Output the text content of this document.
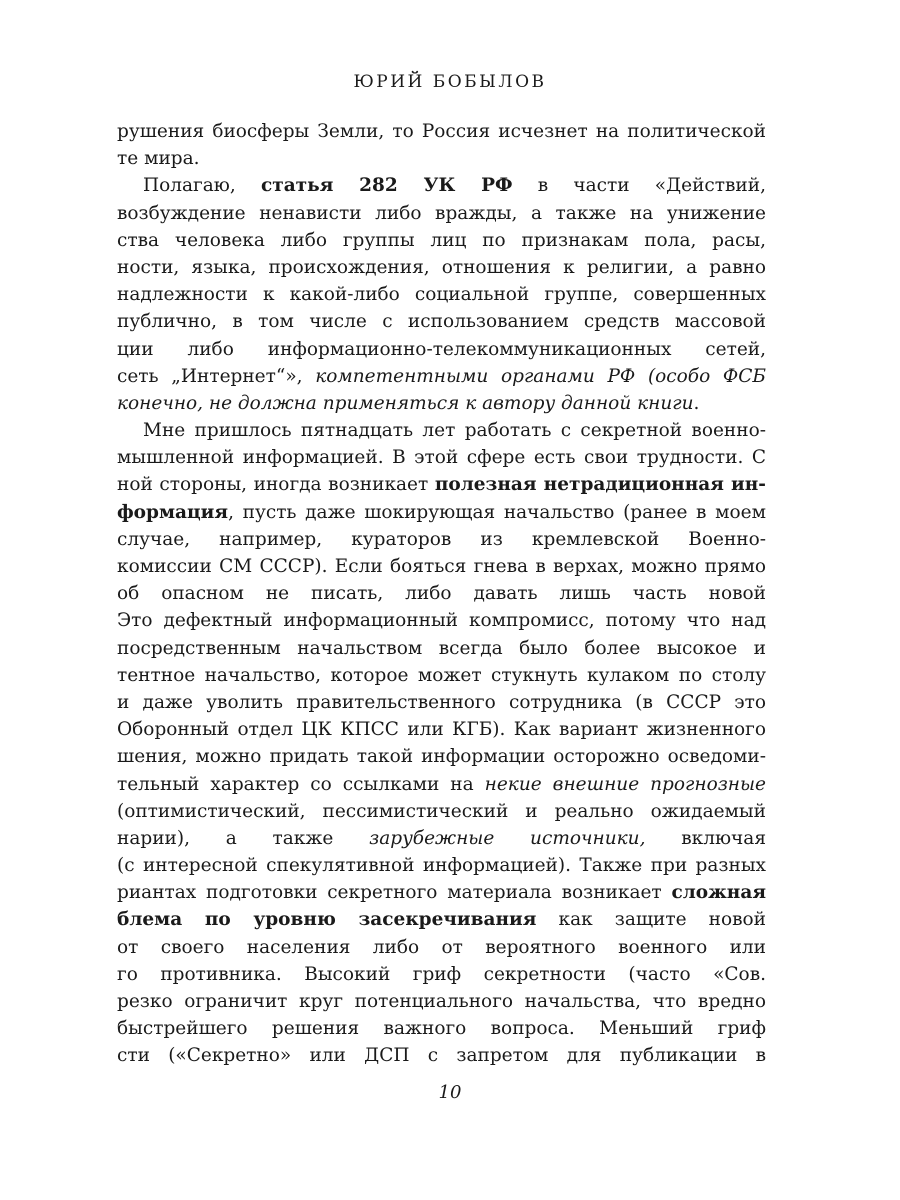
ЮРИЙ БОБЫЛОВ
рушения биосферы Земли, то Россия исчезнет на политической
те мира.
Полагаю, статья 282 УК РФ в части «Действий,
возбуждение ненависти либо вражды, а также на унижение
ства человека либо группы лиц по признакам пола, расы,
ности, языка, происхождения, отношения к религии, а равно
надлежности к какой-либо социальной группе, совершенных
публично, в том числе с использованием средств массовой
ции либо информационно-телекоммуникационных сетей,
сеть „Интернет“», компетентными органами РФ (особо ФСБ
конечно, не должна применяться к автору данной книги.
Мне пришлось пятнадцать лет работать с секретной военно-
мышленной информацией. В этой сфере есть свои трудности. С
ной стороны, иногда возникает полезная нетрадиционная ин-
формация, пусть даже шокирующая начальство (ранее в моем
случае, например, кураторов из кремлевской Военно-
комиссии СМ СССР). Если бояться гнева в верхах, можно прямо
об опасном не писать, либо давать лишь часть новой
Это дефектный информационный компромисс, потому что над
посредственным начальством всегда было более высокое и
тентное начальство, которое может стукнуть кулаком по столу
и даже уволить правительственного сотрудника (в СССР это
Оборонный отдел ЦК КПСС или КГБ). Как вариант жизненного
шения, можно придать такой информации осторожно осведоми-
тельный характер со ссылками на некие внешние прогнозные
(оптимистический, пессимистический и реально ожидаемый
нарии), а также зарубежные источники, включая
(с интересной спекулятивной информацией). Также при разных
риантах подготовки секретного материала возникает сложная
блема по уровню засекречивания как защите новой
от своего населения либо от вероятного военного или
го противника. Высокий гриф секретности (часто «Сов.
резко ограничит круг потенциального начальства, что вредно
быстрейшего решения важного вопроса. Меньший гриф
сти («Секретно» или ДСП с запретом для публикации в
10
